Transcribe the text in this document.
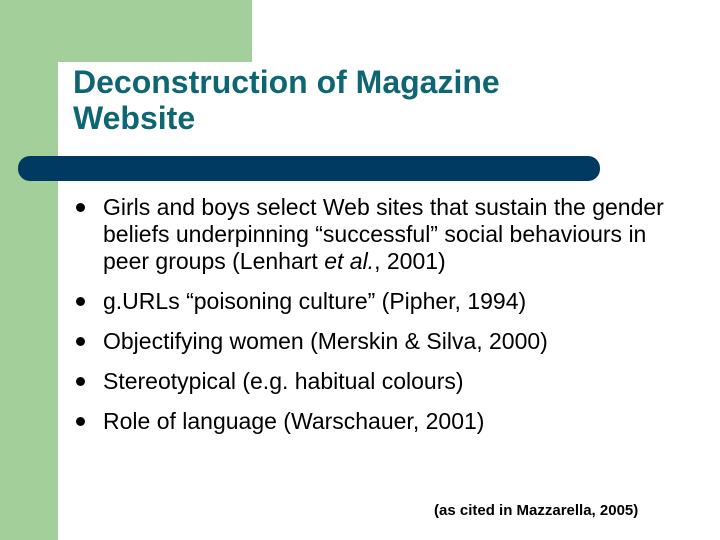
Deconstruction of Magazine
Website
Girls and boys select Web sites that sustain the gender beliefs underpinning “successful” social behaviours in peer groups (Lenhart et al., 2001)
g.URLs “poisoning culture” (Pipher, 1994)
Objectifying women (Merskin & Silva, 2000)
Stereotypical (e.g. habitual colours)
Role of language (Warschauer, 2001)
(as cited in Mazzarella, 2005)
